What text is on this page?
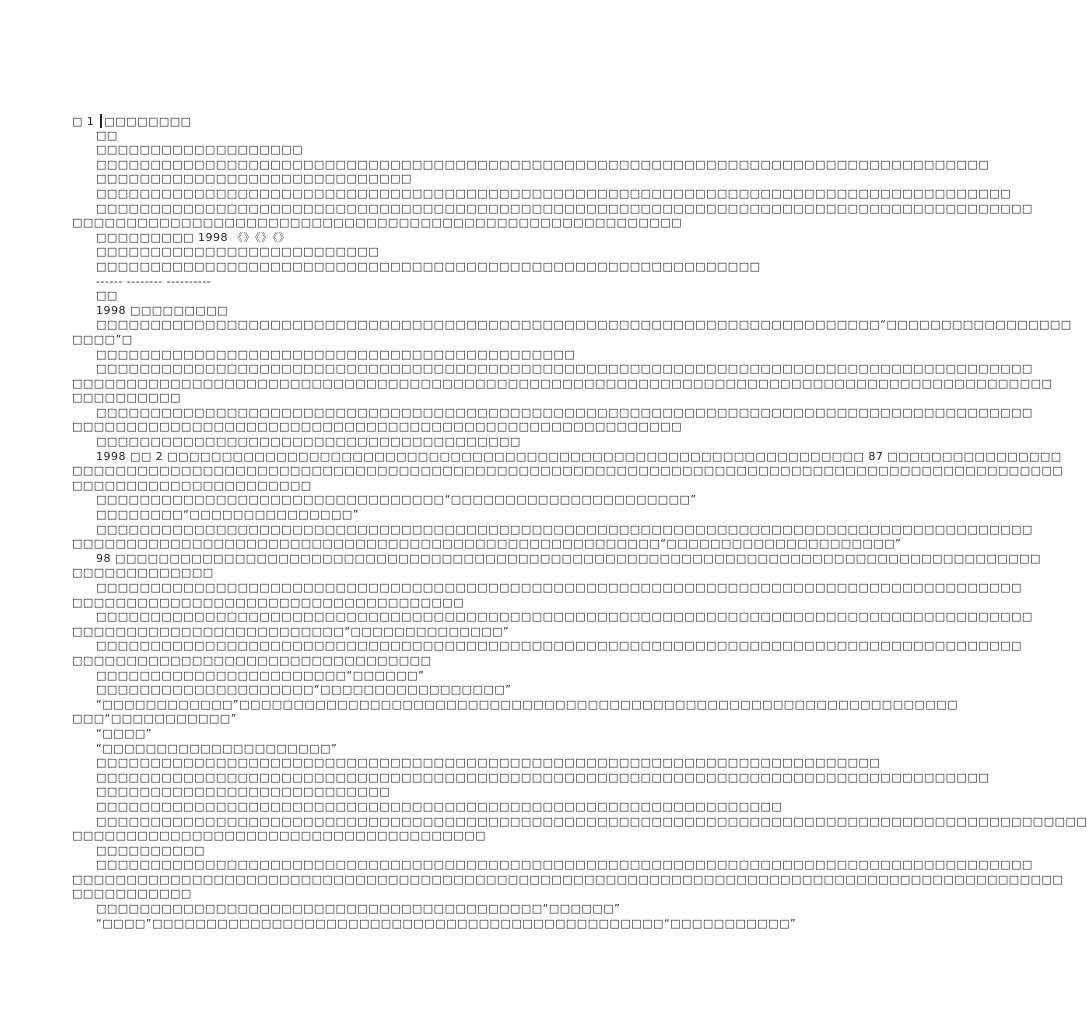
□ 1 □□□□□□□□
□□
□□□□□□□□□□□□□□□□□□□
□□□□□□□□□□□□□□□□□□□□□□□□□□□□□□□□□□□□□□□□□□□□□□□□□□□□□□□□□□□□□□□□□□□□□□□□□□□□□□□□□□
□□□□□□□□□□□□□□□□□□□□□□□□□□□□□
□□□□□□□□□□□□□□□□□□□□□□□□□□□□□□□□□□□□□□□□□□□□□□□□□□□□□□□□□□□□□□□□□□□□□□□□□□□□□□□□□□□□
□□□□□□□□□□□□□□□□□□□□□□□□□□□□□□□□□□□□□□□□□□□□□□□□□□□□□□□□□□□□□□□□□□□□□□□□□□□□□□□□□□□□□□
□□□□□□□□□□□□□□□□□□□□□□□□□□□□□□□□□□□□□□□□□□□□□□□□□□□□□□□□
□□□□□□□□□ 1998 《》《》《》
□□□□□□□□□□□□□□□□□□□□□□□□□□
□□□□□□□□□□□□□□□□□□□□□□□□□□□□□□□□□□□□□□□□□□□□□□□□□□□□□□□□□□□□□
------ -------- ----------
□□
1998 □□□□□□□□□
□□□□□□□□□□□□□□□□□□□□□□□□□□□□□□□□□□□□□□□□□□□□□□□□□□□□□□□□□□□□□□□□□□□□□□□□“□□□□□□□□□□□□□□□□□
□□□□”□
□□□□□□□□□□□□□□□□□□□□□□□□□□□□□□□□□□□□□□□□□□□□
□□□□□□□□□□□□□□□□□□□□□□□□□□□□□□□□□□□□□□□□□□□□□□□□□□□□□□□□□□□□□□□□□□□□□□□□□□□□□□□□□□□□□□
□□□□□□□□□□□□□□□□□□□□□□□□□□□□□□□□□□□□□□□□□□□□□□□□□□□□□□□□□□□□□□□□□□□□□□□□□□□□□□□□□□□□□□□□□□
□□□□□□□□□□
□□□□□□□□□□□□□□□□□□□□□□□□□□□□□□□□□□□□□□□□□□□□□□□□□□□□□□□□□□□□□□□□□□□□□□□□□□□□□□□□□□□□□□
□□□□□□□□□□□□□□□□□□□□□□□□□□□□□□□□□□□□□□□□□□□□□□□□□□□□□□□□
□□□□□□□□□□□□□□□□□□□□□□□□□□□□□□□□□□□□□□□
1998 □□ 2 □□□□□□□□□□□□□□□□□□□□□□□□□□□□□□□□□□□□□□□□□□□□□□□□□□□□□□□□□□□□□□□□ 87 □□□□□□□□□□□□□□□□
□□□□□□□□□□□□□□□□□□□□□□□□□□□□□□□□□□□□□□□□□□□□□□□□□□□□□□□□□□□□□□□□□□□□□□□□□□□□□□□□□□□□□□□□□□□
□□□□□□□□□□□□□□□□□□□□□□
□□□□□□□□□□□□□□□□□□□□□□□□□□□□□□□□“□□□□□□□□□□□□□□□□□□□□□□”
□□□□□□□□“□□□□□□□□□□□□□□□”
□□□□□□□□□□□□□□□□□□□□□□□□□□□□□□□□□□□□□□□□□□□□□□□□□□□□□□□□□□□□□□□□□□□□□□□□□□□□□□□□□□□□□□
□□□□□□□□□□□□□□□□□□□□□□□□□□□□□□□□□□□□□□□□□□□□□□□□□□□□□□“□□□□□□□□□□□□□□□□□□□□□”
98 □□□□□□□□□□□□□□□□□□□□□□□□□□□□□□□□□□□□□□□□□□□□□□□□□□□□□□□□□□□□□□□□□□□□□□□□□□□□□□□□□□□□□
□□□□□□□□□□□□□
□□□□□□□□□□□□□□□□□□□□□□□□□□□□□□□□□□□□□□□□□□□□□□□□□□□□□□□□□□□□□□□□□□□□□□□□□□□□□□□□□□□□□
□□□□□□□□□□□□□□□□□□□□□□□□□□□□□□□□□□□□
□□□□□□□□□□□□□□□□□□□□□□□□□□□□□□□□□□□□□□□□□□□□□□□□□□□□□□□□□□□□□□□□□□□□□□□□□□□□□□□□□□□□□□
□□□□□□□□□□□□□□□□□□□□□□□□□“□□□□□□□□□□□□□□”
□□□□□□□□□□□□□□□□□□□□□□□□□□□□□□□□□□□□□□□□□□□□□□□□□□□□□□□□□□□□□□□□□□□□□□□□□□□□□□□□□□□□□
□□□□□□□□□□□□□□□□□□□□□□□□□□□□□□□□□
□□□□□□□□□□□□□□□□□□□□□□□“□□□□□□”
□□□□□□□□□□□□□□□□□□□□“□□□□□□□□□□□□□□□□□”
“□□□□□□□□□□□□”□□□□□□□□□□□□□□□□□□□□□□□□□□□□□□□□□□□□□□□□□□□□□□□□□□□□□□□□□□□□□□□□□□
□□□“□□□□□□□□□□□”
“□□□□”
“□□□□□□□□□□□□□□□□□□□□□”
□□□□□□□□□□□□□□□□□□□□□□□□□□□□□□□□□□□□□□□□□□□□□□□□□□□□□□□□□□□□□□□□□□□□□□□□
□□□□□□□□□□□□□□□□□□□□□□□□□□□□□□□□□□□□□□□□□□□□□□□□□□□□□□□□□□□□□□□□□□□□□□□□□□□□□□□□□□
□□□□□□□□□□□□□□□□□□□□□□□□□□□
□□□□□□□□□□□□□□□□□□□□□□□□□□□□□□□□□□□□□□□□□□□□□□□□□□□□□□□□□□□□□□□
□□□□□□□□□□□□□□□□□□□□□□□□□□□□□□□□□□□□□□□□□□□□□□□□□□□□□□□□□□□□□□□□□□□□□□□□□□□□□□□□□□□□□□□□□□□
□□□□□□□□□□□□□□□□□□□□□□□□□□□□□□□□□□□□□□
□□□□□□□□□□
□□□□□□□□□□□□□□□□□□□□□□□□□□□□□□□□□□□□□□□□□□□□□□□□□□□□□□□□□□□□□□□□□□□□□□□□□□□□□□□□□□□□□□
□□□□□□□□□□□□□□□□□□□□□□□□□□□□□□□□□□□□□□□□□□□□□□□□□□□□□□□□□□□□□□□□□□□□□□□□□□□□□□□□□□□□□□□□□□□
□□□□□□□□□□□
□□□□□□□□□□□□□□□□□□□□□□□□□□□□□□□□□□□□□□□□□“□□□□□□”
“□□□□”□□□□□□□□□□□□□□□□□□□□□□□□□□□□□□□□□□□□□□□□□□□□□□□“□□□□□□□□□□□”
